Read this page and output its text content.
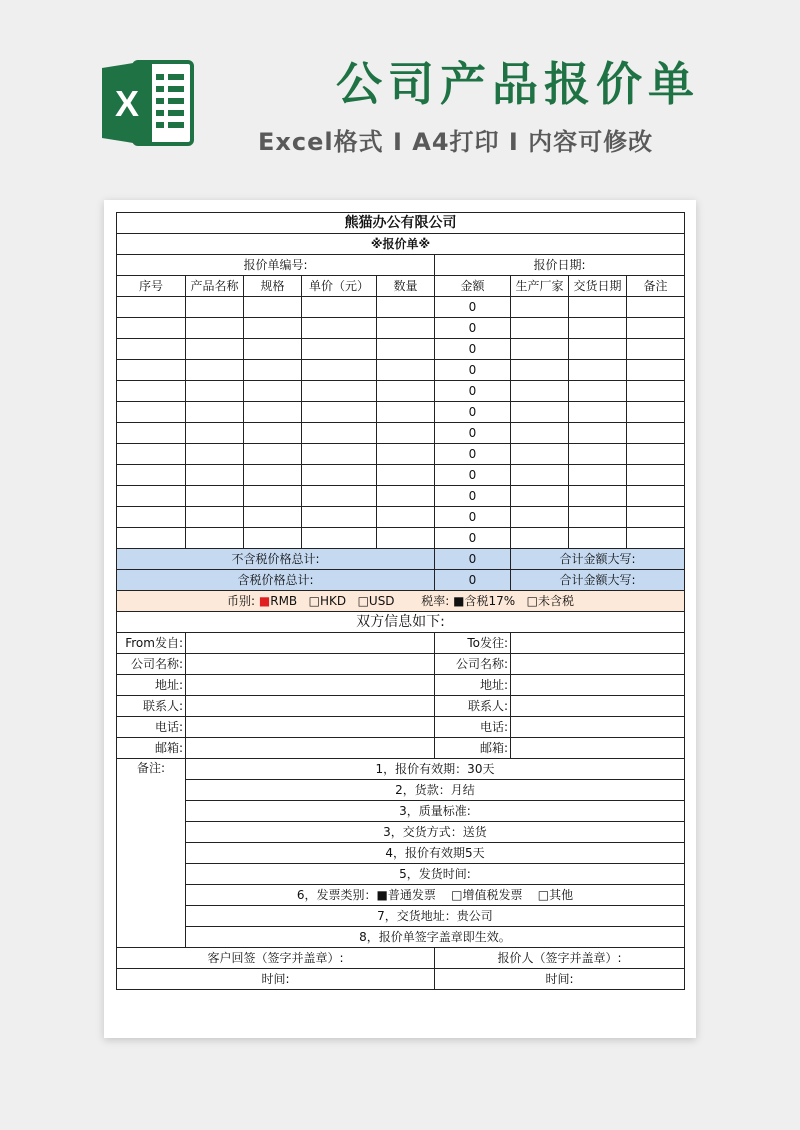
X	公司产品报价单
Excel格式 I A4打印 I 内容可修改
熊猫办公有限公司								
※报价单※								
报价单编号:					报价日期:			
序号	产品名称	规格	单价（元）	数量	金额	生产厂家	交货日期	备注
					0			
					0			
					0			
					0			
					0			
					0			
					0			
					0			
					0			
					0			
					0			
					0			
不含税价格总计:					0	合计金额大写:		
含税价格总计:					0	合计金额大写:		
币别: ■RMB □HKD □USD 税率: ■含税17% □未含税								
双方信息如下:								
From发自:					To发往:			
公司名称:					公司名称:			
地址:					地址:			
联系人:					联系人:			
电话:					电话:			
邮箱:					邮箱:			
备注:	1，报价有效期：30天							
	2，货款：月结							
	3，质量标准:							
	3，交货方式：送货							
	4，报价有效期5天							
	5，发货时间:							
	6，发票类别：■普通发票 □增值税发票 □其他							
	7，交货地址：贵公司							
	8，报价单签字盖章即生效。							
客户回签（签字并盖章）:					报价人（签字并盖章）:			
时间:					时间:			
